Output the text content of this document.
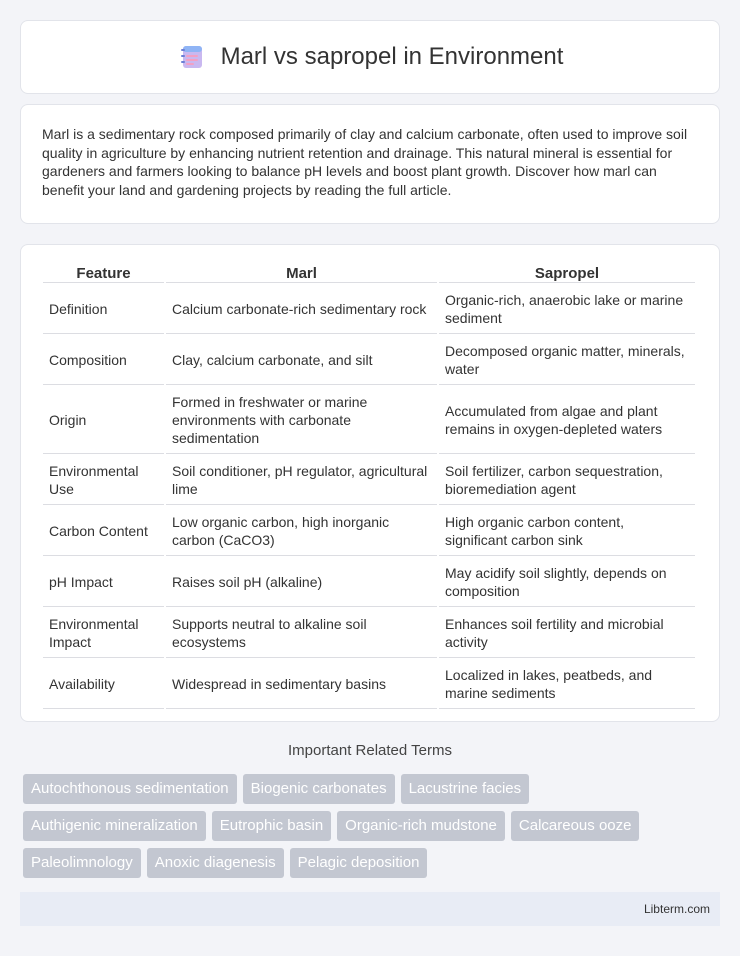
Marl vs sapropel in Environment

Marl is a sedimentary rock composed primarily of clay and calcium carbonate, often used to improve soil quality in agriculture by enhancing nutrient retention and drainage. This natural mineral is essential for gardeners and farmers looking to balance pH levels and boost plant growth. Discover how marl can benefit your land and gardening projects by reading the full article.

Feature	Marl	Sapropel
Definition	Calcium carbonate-rich sedimentary rock	Organic-rich, anaerobic lake or marine sediment
Composition	Clay, calcium carbonate, and silt	Decomposed organic matter, minerals, water
Origin	Formed in freshwater or marine environments with carbonate sedimentation	Accumulated from algae and plant remains in oxygen-depleted waters
Environmental Use	Soil conditioner, pH regulator, agricultural lime	Soil fertilizer, carbon sequestration, bioremediation agent
Carbon Content	Low organic carbon, high inorganic carbon (CaCO3)	High organic carbon content, significant carbon sink
pH Impact	Raises soil pH (alkaline)	May acidify soil slightly, depends on composition
Environmental Impact	Supports neutral to alkaline soil ecosystems	Enhances soil fertility and microbial activity
Availability	Widespread in sedimentary basins	Localized in lakes, peatbeds, and marine sediments
Important Related Terms
Autochthonous sedimentation	Biogenic carbonates	Lacustrine facies
Authigenic mineralization	Eutrophic basin	Organic-rich mudstone	Calcareous ooze
Paleolimnology	Anoxic diagenesis	Pelagic deposition
Libterm.com
